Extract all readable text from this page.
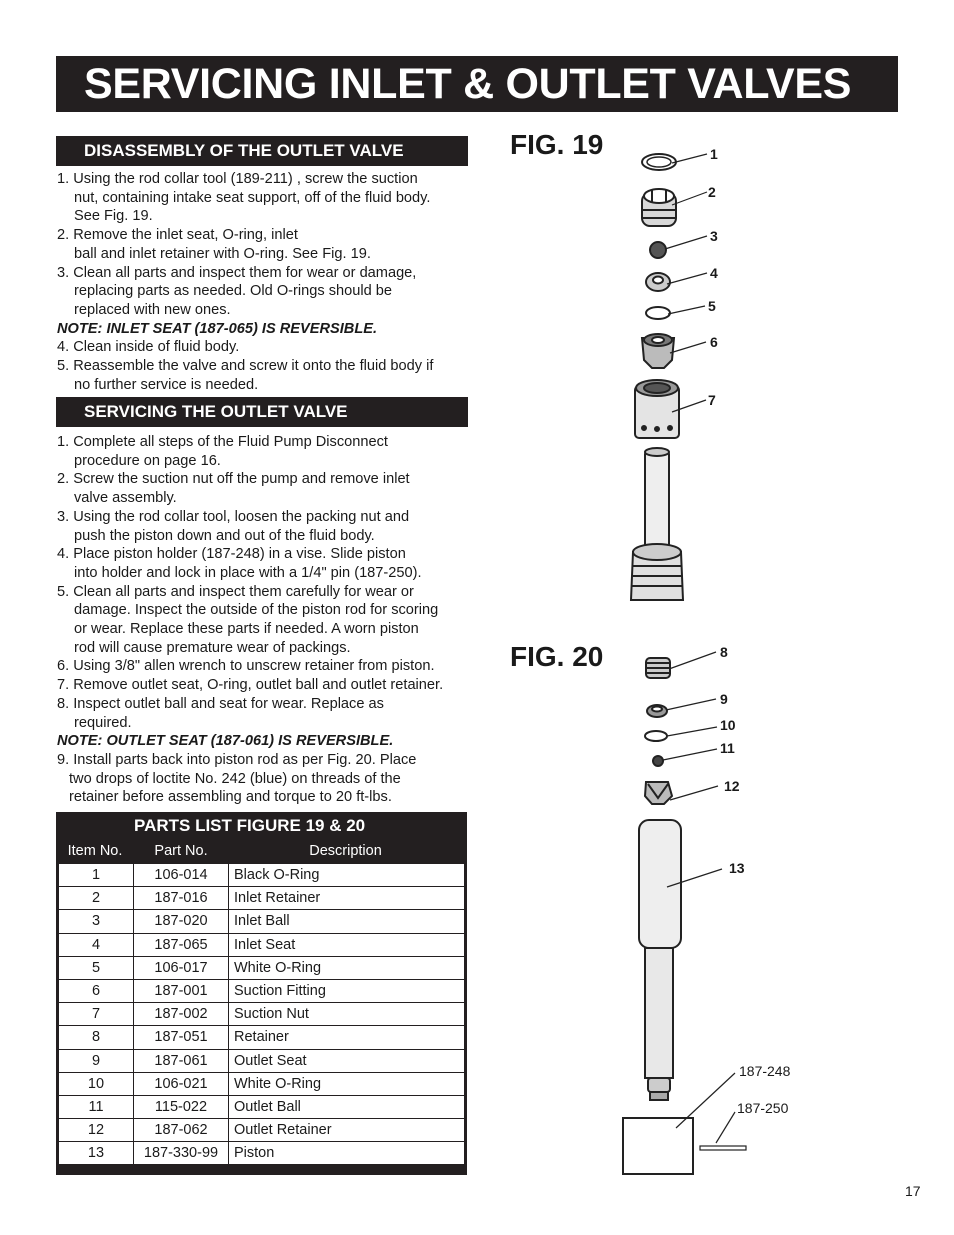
SERVICING INLET & OUTLET VALVES
DISASSEMBLY OF THE OUTLET VALVE
1. Using the rod collar tool (189-211) , screw the suction
nut, containing intake seat support, off of the fluid body.
See Fig. 19.
2. Remove the inlet seat, O-ring, inlet
ball and inlet retainer with O-ring. See Fig. 19.
3. Clean all parts and inspect them for wear or damage,
replacing parts as needed. Old O-rings should be
replaced with new ones.
NOTE: INLET SEAT (187-065) IS REVERSIBLE.
4. Clean inside of fluid body.
5. Reassemble the valve and screw it onto the fluid body if
no further service is needed.
SERVICING THE OUTLET VALVE
1. Complete all steps of the Fluid Pump Disconnect
procedure on page 16.
2. Screw the suction nut off the pump and remove inlet
valve assembly.
3. Using the rod collar tool, loosen the packing nut and
push the piston down and out of the fluid body.
4. Place piston holder (187-248) in a vise. Slide piston
into holder and lock in place with a 1/4" pin (187-250).
5. Clean all parts and inspect them carefully for wear or
damage. Inspect the outside of the piston rod for scoring
or wear. Replace these parts if needed. A worn piston
rod will cause premature wear of packings.
6. Using 3/8" allen wrench to unscrew retainer from piston.
7. Remove outlet seat, O-ring, outlet ball and outlet retainer.
8. Inspect outlet ball and seat for wear. Replace as
required.
NOTE: OUTLET SEAT (187-061) IS REVERSIBLE.
9. Install parts back into piston rod as per Fig. 20. Place
two drops of loctite No. 242 (blue) on threads of the
retainer before assembling and torque to 20 ft-lbs.
PARTS LIST FIGURE 19 & 20
Item No.	Part No.	Description
1	106-014	Black O-Ring
2	187-016	Inlet Retainer
3	187-020	Inlet Ball
4	187-065	Inlet Seat
5	106-017	White O-Ring
6	187-001	Suction Fitting
7	187-002	Suction Nut
8	187-051	Retainer
9	187-061	Outlet Seat
10	106-021	White O-Ring
11	115-022	Outlet Ball
12	187-062	Outlet Retainer
13	187-330-99	Piston
FIG. 19
FIG. 20
1
2
3
4
5
6
7
8
9
10
11
12
13
187-248
187-250
17
